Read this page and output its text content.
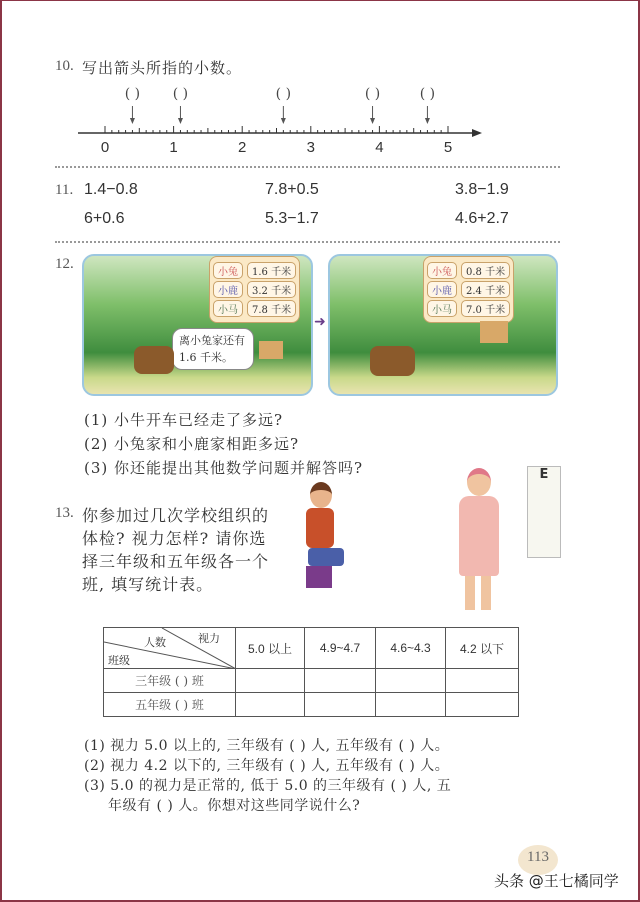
10. 写出箭头所指的小数。
0	1	2	3	4	5
( ) ( )	( )	( )	( )
11. 1.4−0.8	7.8+0.5	3.8−1.9
6+0.6	5.3−1.7	4.6+2.7
12.
小兔	1.6 千米
小鹿	3.2 千米
小马	7.8 千米
离小兔家还有1.6 千米。
➜
小兔	0.8 千米
小鹿	2.4 千米
小马	7.0 千米
(1) 小牛开车已经走了多远?
(2) 小兔家和小鹿家相距多远?
(3) 你还能提出其他数学问题并解答吗?
13. 你参加过几次学校组织的
体检? 视力怎样? 请你选
择三年级和五年级各一个
班, 填写统计表。
E
视力
人数
班级	5.0 以上	4.9~4.7	4.6~4.3	4.2 以下
三年级 ( ) 班				
五年级 ( ) 班				
(1) 视力 5.0 以上的, 三年级有 ( ) 人, 五年级有 ( ) 人。
(2) 视力 4.2 以下的, 三年级有 ( ) 人, 五年级有 ( ) 人。
(3) 5.0 的视力是正常的, 低于 5.0 的三年级有 ( ) 人, 五
年级有 ( ) 人。你想对这些同学说什么?
113
头条 @王七橘同学
